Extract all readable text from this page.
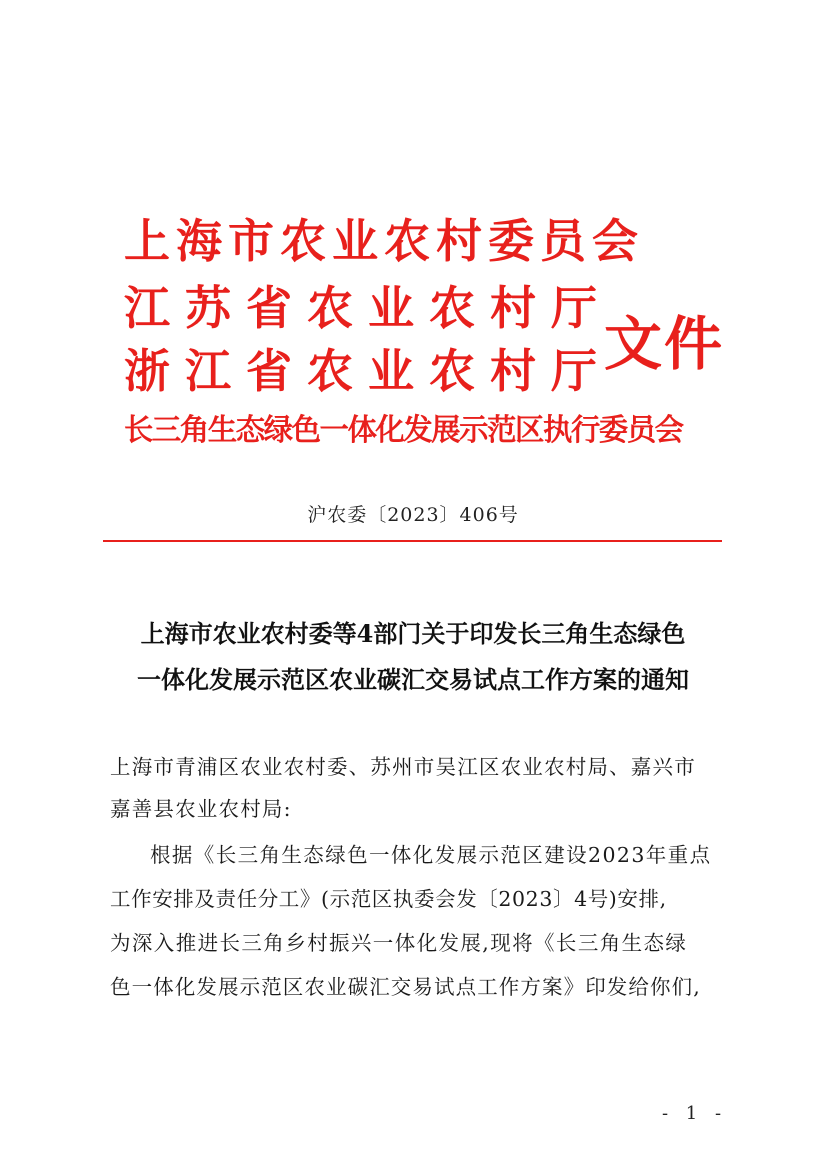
上海市农业农村委员会
江苏省农业农村厅
浙江省农业农村厅
长三角生态绿色一体化发展示范区执行委员会
文件
沪农委〔2023〕406号
上海市农业农村委等4部门关于印发长三角生态绿色
一体化发展示范区农业碳汇交易试点工作方案的通知
上海市青浦区农业农村委、苏州市吴江区农业农村局、嘉兴市
嘉善县农业农村局:
根据《长三角生态绿色一体化发展示范区建设2023年重点
工作安排及责任分工》(示范区执委会发〔2023〕4号)安排,
为深入推进长三角乡村振兴一体化发展,现将《长三角生态绿
色一体化发展示范区农业碳汇交易试点工作方案》印发给你们,
- 1 -
